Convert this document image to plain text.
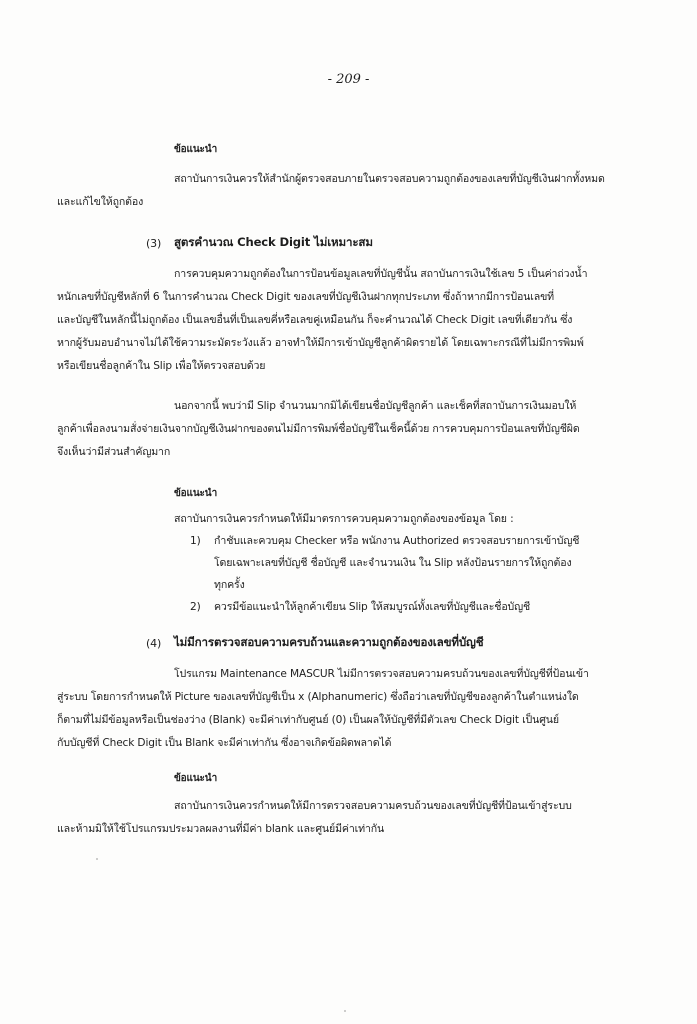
- 209 -
ข้อแนะนำ
สถาบันการเงินควรให้สำนักผู้ตรวจสอบภายในตรวจสอบความถูกต้องของเลขที่บัญชีเงินฝากทั้งหมด
และแก้ไขให้ถูกต้อง
(3) สูตรคำนวณ Check Digit ไม่เหมาะสม
การควบคุมความถูกต้องในการป้อนข้อมูลเลขที่บัญชีนั้น สถาบันการเงินใช้เลข 5 เป็นค่าถ่วงน้ำ
หนักเลขที่บัญชีหลักที่ 6 ในการคำนวณ Check Digit ของเลขที่บัญชีเงินฝากทุกประเภท ซึ่งถ้าหากมีการป้อนเลขที่
และบัญชีในหลักนี้ไม่ถูกต้อง เป็นเลขอื่นที่เป็นเลขคี่หรือเลขคู่เหมือนกัน ก็จะคำนวณได้ Check Digit เลขที่เดียวกัน ซึ่ง
หากผู้รับมอบอำนาจไม่ได้ใช้ความระมัดระวังแล้ว อาจทำให้มีการเข้าบัญชีลูกค้าผิดรายได้ โดยเฉพาะกรณีที่ไม่มีการพิมพ์
หรือเขียนชื่อลูกค้าใน Slip เพื่อให้ตรวจสอบด้วย
นอกจากนี้ พบว่ามี Slip จำนวนมากมิได้เขียนชื่อบัญชีลูกค้า และเช็คที่สถาบันการเงินมอบให้
ลูกค้าเพื่อลงนามสั่งจ่ายเงินจากบัญชีเงินฝากของตนไม่มีการพิมพ์ชื่อบัญชีในเช็คนี้ด้วย การควบคุมการป้อนเลขที่บัญชีผิด
จึงเห็นว่ามีส่วนสำคัญมาก
ข้อแนะนำ
สถาบันการเงินควรกำหนดให้มีมาตรการควบคุมความถูกต้องของข้อมูล โดย :
1) กำชับและควบคุม Checker หรือ พนักงาน Authorized ตรวจสอบรายการเข้าบัญชี
โดยเฉพาะเลขที่บัญชี ชื่อบัญชี และจำนวนเงิน ใน Slip หลังป้อนรายการให้ถูกต้อง
ทุกครั้ง
2) ควรมีข้อแนะนำให้ลูกค้าเขียน Slip ให้สมบูรณ์ทั้งเลขที่บัญชีและชื่อบัญชี
(4) ไม่มีการตรวจสอบความครบถ้วนและความถูกต้องของเลขที่บัญชี
โปรแกรม Maintenance MASCUR ไม่มีการตรวจสอบความครบถ้วนของเลขที่บัญชีที่ป้อนเข้า
สู่ระบบ โดยการกำหนดให้ Picture ของเลขที่บัญชีเป็น x (Alphanumeric) ซึ่งถือว่าเลขที่บัญชีของลูกค้าในตำแหน่งใด
ก็ตามที่ไม่มีข้อมูลหรือเป็นช่องว่าง (Blank) จะมีค่าเท่ากับศูนย์ (0) เป็นผลให้บัญชีที่มีตัวเลข Check Digit เป็นศูนย์
กับบัญชีที่ Check Digit เป็น Blank จะมีค่าเท่ากัน ซึ่งอาจเกิดข้อผิดพลาดได้
ข้อแนะนำ
สถาบันการเงินควรกำหนดให้มีการตรวจสอบความครบถ้วนของเลขที่บัญชีที่ป้อนเข้าสู่ระบบ
และห้ามมิให้ใช้โปรแกรมประมวลผลงานที่มีค่า blank และศูนย์มีค่าเท่ากัน
